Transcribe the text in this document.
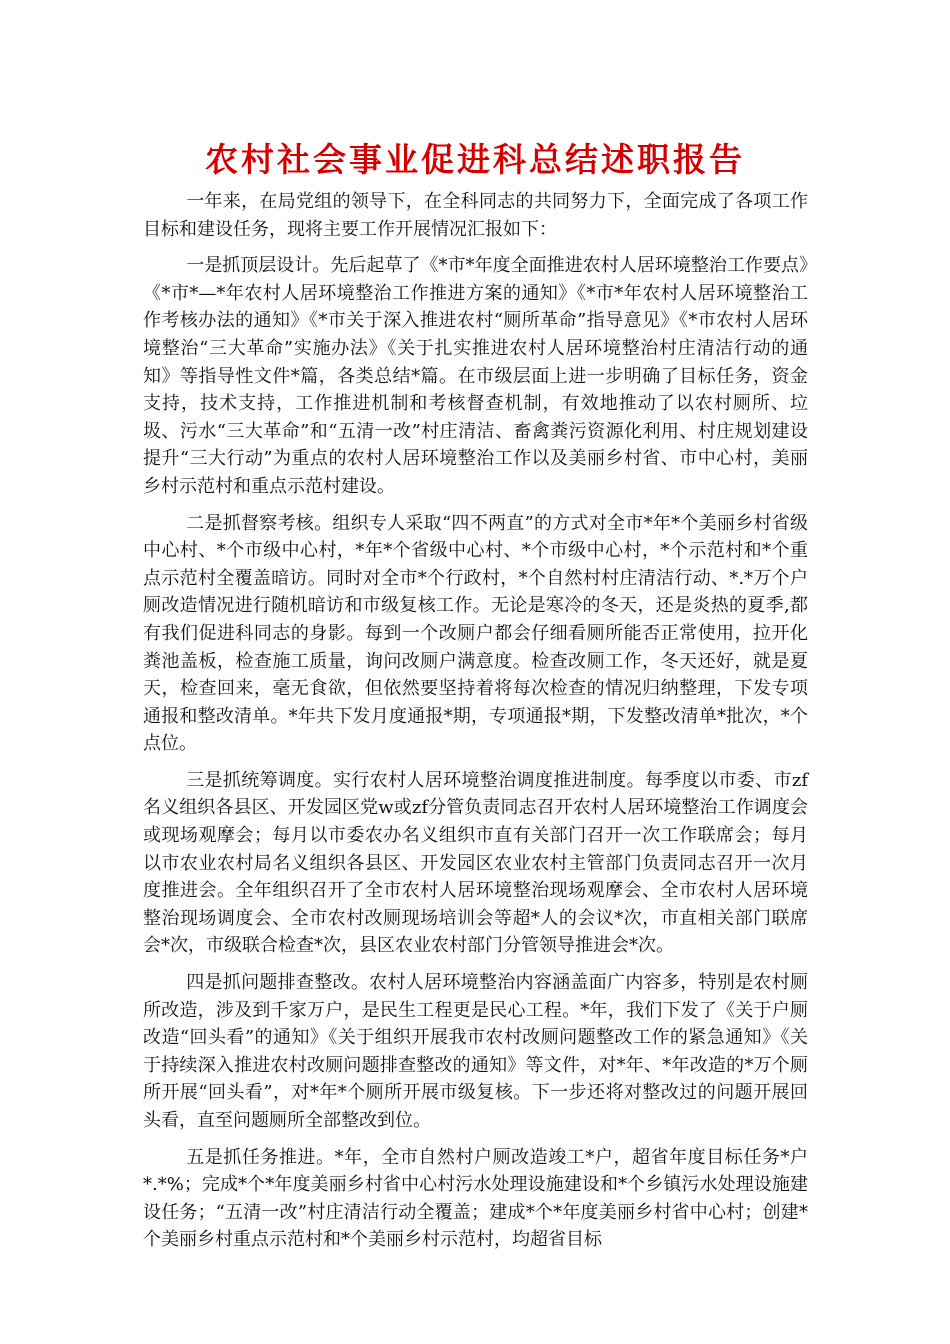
农村社会事业促进科总结述职报告

一年来，在局党组的领导下，在全科同志的共同努力下，全面完成了各项工作目标和建设任务，现将主要工作开展情况汇报如下：

一是抓顶层设计。先后起草了《*市*年度全面推进农村人居环境整治工作要点》《*市*—*年农村人居环境整治工作推进方案的通知》《*市*年农村人居环境整治工作考核办法的通知》《*市关于深入推进农村“厕所革命”指导意见》《*市农村人居环境整治“三大革命”实施办法》《关于扎实推进农村人居环境整治村庄清洁行动的通知》等指导性文件*篇，各类总结*篇。在市级层面上进一步明确了目标任务，资金支持，技术支持，工作推进机制和考核督查机制，有效地推动了以农村厕所、垃圾、污水“三大革命”和“五清一改”村庄清洁、畜禽粪污资源化利用、村庄规划建设提升“三大行动”为重点的农村人居环境整治工作以及美丽乡村省、市中心村，美丽乡村示范村和重点示范村建设。

二是抓督察考核。组织专人采取“四不两直”的方式对全市*年*个美丽乡村省级中心村、*个市级中心村，*年*个省级中心村、*个市级中心村，*个示范村和*个重点示范村全覆盖暗访。同时对全市*个行政村，*个自然村村庄清洁行动、*.*万个户厕改造情况进行随机暗访和市级复核工作。无论是寒冷的冬天，还是炎热的夏季,都有我们促进科同志的身影。每到一个改厕户都会仔细看厕所能否正常使用，拉开化粪池盖板，检查施工质量，询问改厕户满意度。检查改厕工作，冬天还好，就是夏天，检查回来，毫无食欲，但依然要坚持着将每次检查的情况归纳整理，下发专项通报和整改清单。*年共下发月度通报*期，专项通报*期，下发整改清单*批次，*个点位。

三是抓统筹调度。实行农村人居环境整治调度推进制度。每季度以市委、市zf名义组织各县区、开发园区党w或zf分管负责同志召开农村人居环境整治工作调度会或现场观摩会；每月以市委农办名义组织市直有关部门召开一次工作联席会；每月以市农业农村局名义组织各县区、开发园区农业农村主管部门负责同志召开一次月度推进会。全年组织召开了全市农村人居环境整治现场观摩会、全市农村人居环境整治现场调度会、全市农村改厕现场培训会等超*人的会议*次，市直相关部门联席会*次，市级联合检查*次，县区农业农村部门分管领导推进会*次。

四是抓问题排查整改。农村人居环境整治内容涵盖面广内容多，特别是农村厕所改造，涉及到千家万户，是民生工程更是民心工程。*年，我们下发了《关于户厕改造“回头看”的通知》《关于组织开展我市农村改厕问题整改工作的紧急通知》《关于持续深入推进农村改厕问题排查整改的通知》等文件，对*年、*年改造的*万个厕所开展“回头看”，对*年*个厕所开展市级复核。下一步还将对整改过的问题开展回头看，直至问题厕所全部整改到位。

五是抓任务推进。*年，全市自然村户厕改造竣工*户，超省年度目标任务*户*.*%；完成*个*年度美丽乡村省中心村污水处理设施建设和*个乡镇污水处理设施建设任务；“五清一改”村庄清洁行动全覆盖；建成*个*年度美丽乡村省中心村；创建*个美丽乡村重点示范村和*个美丽乡村示范村，均超省目标
